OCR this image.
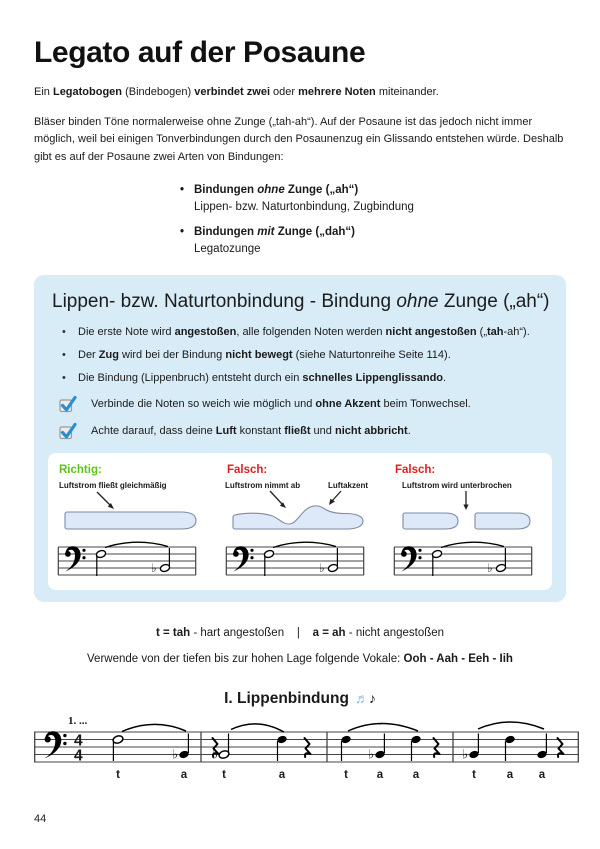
Legato auf der Posaune

Ein Legatobogen (Bindebogen) verbindet zwei oder mehrere Noten miteinander.

Bläser binden Töne normalerweise ohne Zunge („tah-ah“). Auf der Posaune ist das jedoch nicht immer möglich, weil bei einigen Tonverbindungen durch den Posaunenzug ein Glissando entstehen würde. Deshalb gibt es auf der Posaune zwei Arten von Bindungen:

• Bindungen ohne Zunge („ah“)
Lippen- bzw. Naturtonbindung, Zugbindung
• Bindungen mit Zunge („dah“)
Legatozunge
Lippen- bzw. Naturtonbindung - Bindung ohne Zunge („ah“)
•	Die erste Note wird angestoßen, alle folgenden Noten werden nicht angestoßen („tah-ah“).
•	Der Zug wird bei der Bindung nicht bewegt (siehe Naturtonreihe Seite 114).
•	Die Bindung (Lippenbruch) entsteht durch ein schnelles Lippenglissando.
Verbinde die Noten so weich wie möglich und ohne Akzent beim Tonwechsel.
Achte darauf, dass deine Luft konstant fließt und nicht abbricht.
Richtig:
Luftstrom fließt gleichmäßig
Falsch:
Luftstrom nimmt ab	Luftakzent
Falsch:
Luftstrom wird unterbrochen

t = tah - hart angestoßen    |    a = ah - nicht angestoßen

Verwende von der tiefen bis zur hohen Lage folgende Vokale: Ooh - Aah - Eeh - Iih

I. Lippenbindung ♬♪
1. ...
4
4	♭	♭	♭	♭
t	a	t	a	t	a	a	t	a a
44
